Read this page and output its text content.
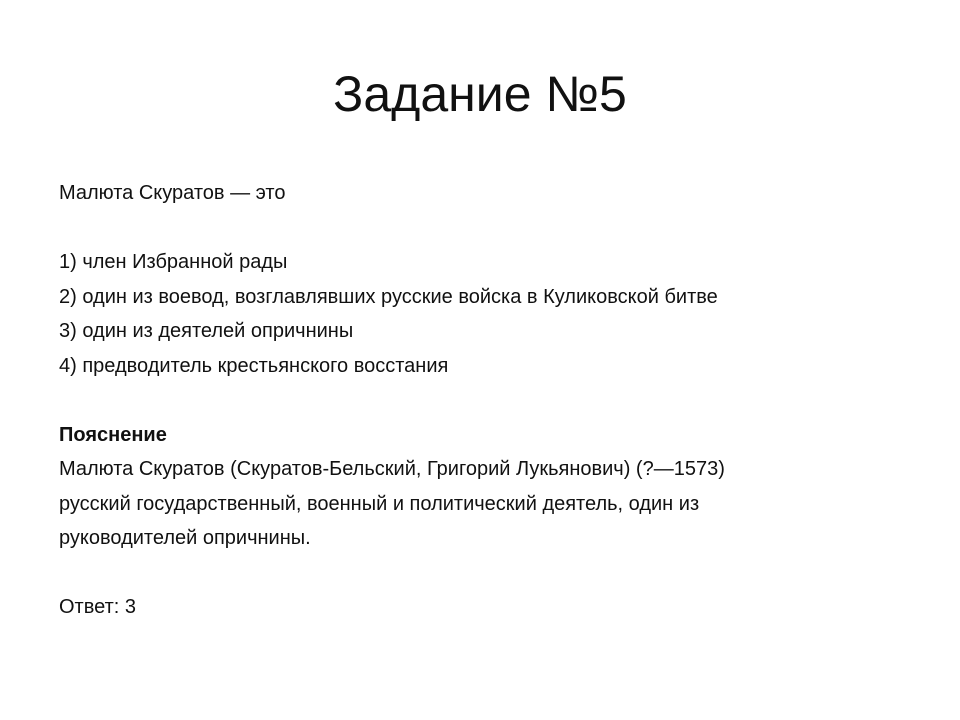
Задание №5

Малюта Скуратов — это

1) член Избранной рады

2) один из воевод, возглавлявших русские войска в Куликовской битве

3) один из деятелей опричнины

4) предводитель крестьянского восстания

Пояснение

Малюта Скуратов (Скуратов-Бельский, Григорий Лукьянович) (?—1573)

русский государственный, военный и политический деятель, один из

руководителей опричнины.

Ответ: 3
